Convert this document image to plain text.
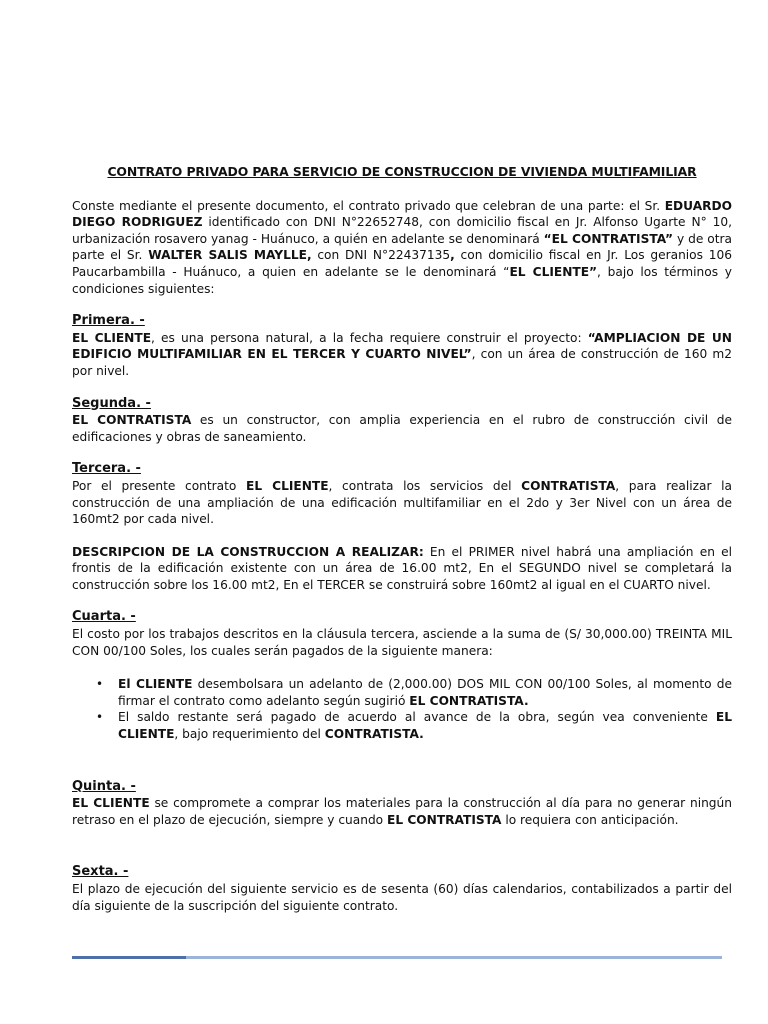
CONTRATO PRIVADO PARA SERVICIO DE CONSTRUCCION DE VIVIENDA MULTIFAMILIAR

Conste mediante el presente documento, el contrato privado que celebran de una parte: el Sr. EDUARDO DIEGO RODRIGUEZ identificado con DNI N°22652748, con domicilio fiscal en Jr. Alfonso Ugarte N° 10, urbanización rosavero yanag - Huánuco, a quién en adelante se denominará “EL CONTRATISTA” y de otra parte el Sr. WALTER SALIS MAYLLE, con DNI N°22437135, con domicilio fiscal en Jr. Los geranios 106 Paucarbambilla - Huánuco, a quien en adelante se le denominará “EL CLIENTE”, bajo los términos y condiciones siguientes:

Primera. -

EL CLIENTE, es una persona natural, a la fecha requiere construir el proyecto: “AMPLIACION DE UN EDIFICIO MULTIFAMILIAR EN EL TERCER Y CUARTO NIVEL”, con un área de construcción de 160 m2 por nivel.

Segunda. -

EL CONTRATISTA es un constructor, con amplia experiencia en el rubro de construcción civil de edificaciones y obras de saneamiento.

Tercera. -

Por el presente contrato EL CLIENTE, contrata los servicios del CONTRATISTA, para realizar la construcción de una ampliación de una edificación multifamiliar en el 2do y 3er Nivel con un área de 160mt2 por cada nivel.

DESCRIPCION DE LA CONSTRUCCION A REALIZAR: En el PRIMER nivel habrá una ampliación en el frontis de la edificación existente con un área de 16.00 mt2, En el SEGUNDO nivel se completará la construcción sobre los 16.00 mt2, En el TERCER se construirá sobre 160mt2 al igual en el CUARTO nivel.

Cuarta. -

El costo por los trabajos descritos en la cláusula tercera, asciende a la suma de (S/ 30,000.00) TREINTA MIL CON 00/100 Soles, los cuales serán pagados de la siguiente manera:

• El CLIENTE desembolsara un adelanto de (2,000.00) DOS MIL CON 00/100 Soles, al momento de firmar el contrato como adelanto según sugirió EL CONTRATISTA.
• El saldo restante será pagado de acuerdo al avance de la obra, según vea conveniente EL CLIENTE, bajo requerimiento del CONTRATISTA.
Quinta. -

EL CLIENTE se compromete a comprar los materiales para la construcción al día para no generar ningún retraso en el plazo de ejecución, siempre y cuando EL CONTRATISTA lo requiera con anticipación.

Sexta. -

El plazo de ejecución del siguiente servicio es de sesenta (60) días calendarios, contabilizados a partir del día siguiente de la suscripción del siguiente contrato.
